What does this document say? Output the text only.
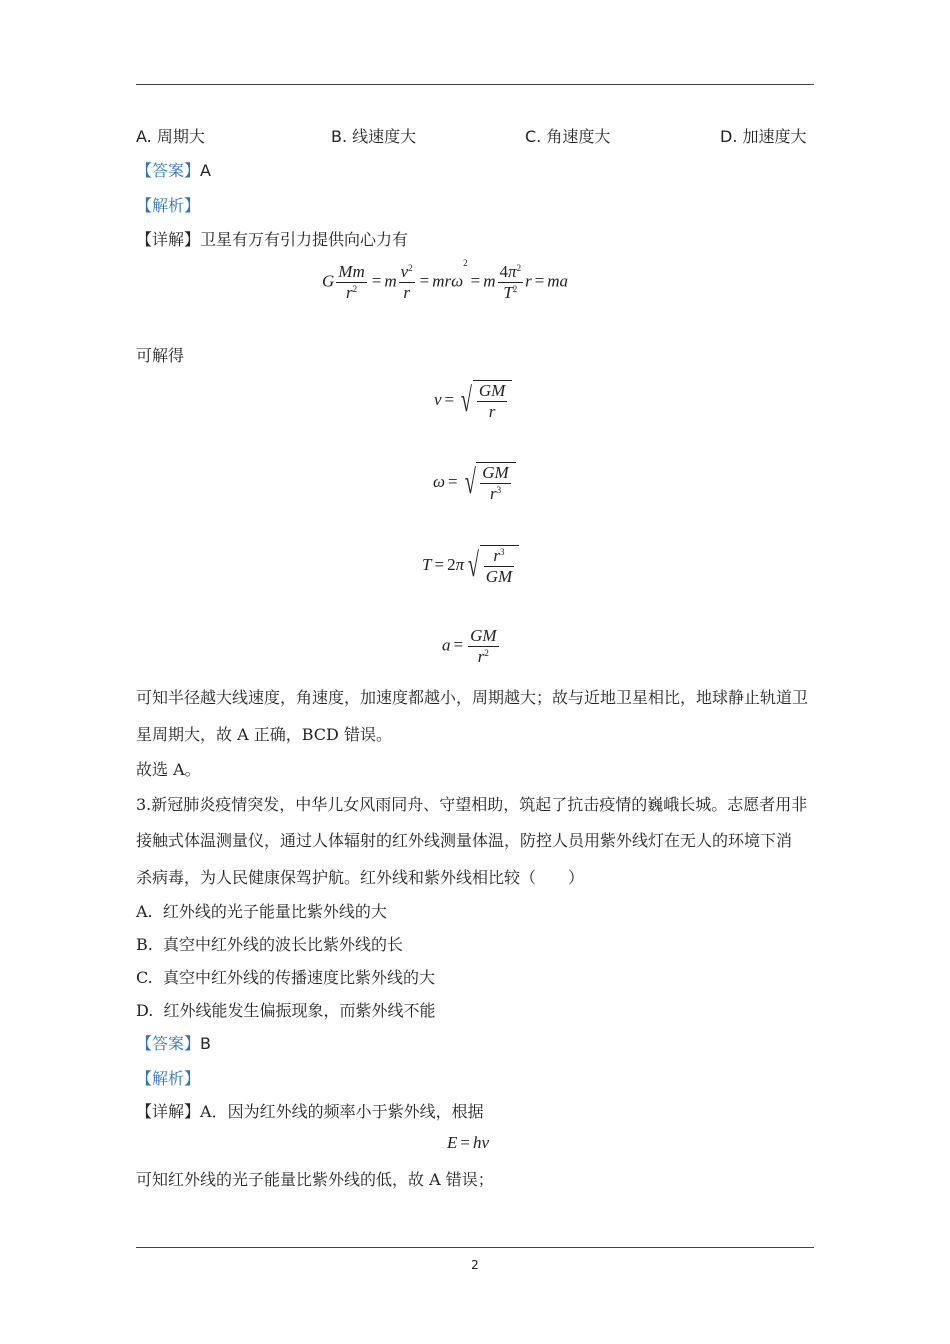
A. 周期大	B. 线速度大	C. 角速度大	D. 加速度大
【答案】A
【解析】
【详解】卫星有万有引力提供向心力有
G $\frac{Mm}{r^2} = m \frac{v^2}{r} = mr\omega^2= m \frac{4\pi^2}{T^2}$ r = ma
可解得
v = √ $\frac{GM}{r}$
ω = √ $\frac{GM}{r^3}$
T = 2π √ $\frac{r^3}{GM}$
$a = \frac{GM}{r^2}$
可知半径越大线速度，角速度，加速度都越小，周期越大；故与近地卫星相比，地球静止轨道卫
星周期大，故 A 正确，BCD 错误。
故选 A。
3.新冠肺炎疫情突发，中华儿女风雨同舟、守望相助，筑起了抗击疫情的巍峨长城。志愿者用非
接触式体温测量仪，通过人体辐射的红外线测量体温，防控人员用紫外线灯在无人的环境下消
杀病毒，为人民健康保驾护航。红外线和紫外线相比较（　　）
A. 红外线的光子能量比紫外线的大
B. 真空中红外线的波长比紫外线的长
C. 真空中红外线的传播速度比紫外线的大
D. 红外线能发生偏振现象，而紫外线不能
【答案】B
【解析】
【详解】A．因为红外线的频率小于紫外线，根据
E = hν
可知红外线的光子能量比紫外线的低，故 A 错误；
2
